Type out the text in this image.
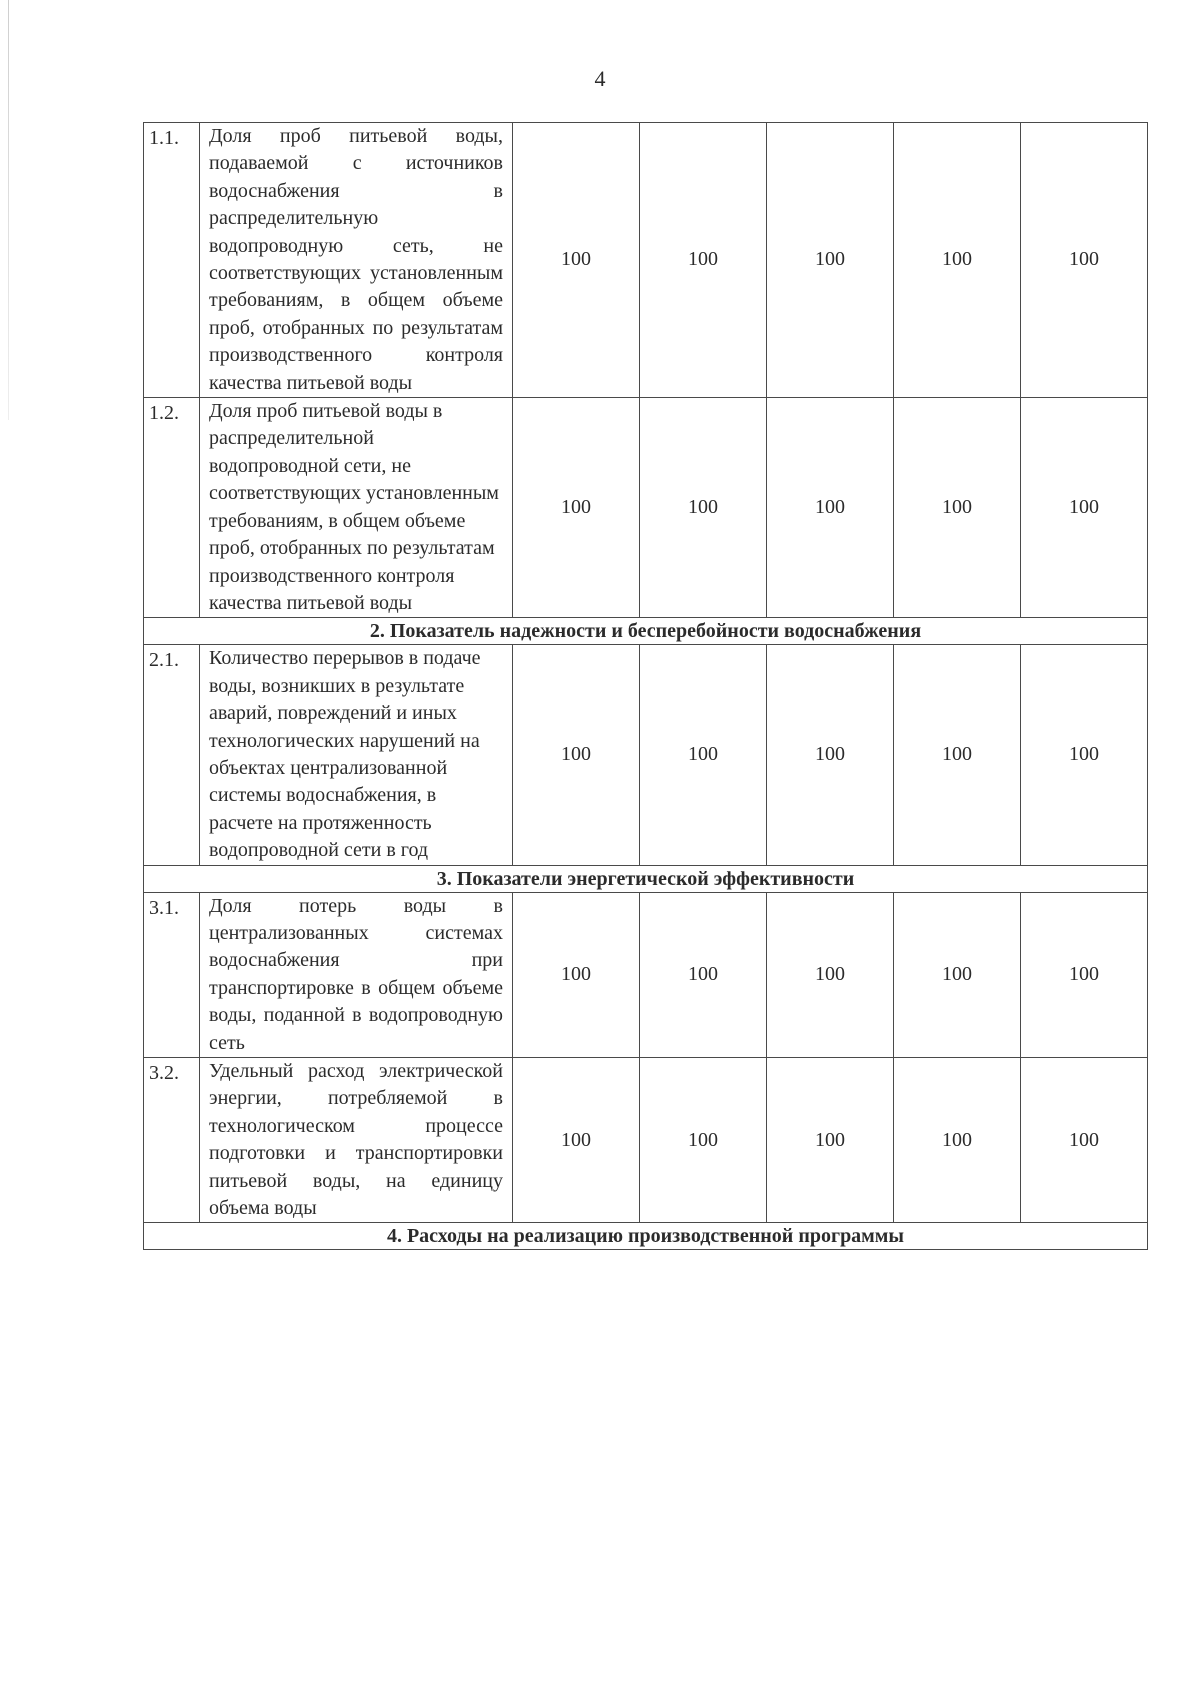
4
1.1.	Доля проб питьевой воды, подаваемой с источников водоснабжения в распределительную водопроводную сеть, не соответствующих установленным требованиям, в общем объеме проб, отобранных по результатам производственного контроля качества питьевой воды	100	100	100	100	100
1.2.	Доля проб питьевой воды в распределительной водопроводной сети, не соответствующих установленным требованиям, в общем объеме проб, отобранных по результатам производственного контроля качества питьевой воды	100	100	100	100	100
2. Показатель надежности и бесперебойности водоснабжения						
2.1.	Количество перерывов в подаче воды, возникших в результате аварий, повреждений и иных технологических нарушений на объектах централизованной системы водоснабжения, в расчете на протяженность водопроводной сети в год	100	100	100	100	100
3. Показатели энергетической эффективности						
3.1.	Доля потерь воды в централизованных системах водоснабжения при транспортировке в общем объеме воды, поданной в водопроводную сеть	100	100	100	100	100
3.2.	Удельный расход электрической энергии, потребляемой в технологическом процессе подготовки и транспортировки питьевой воды, на единицу объема воды	100	100	100	100	100
4. Расходы на реализацию производственной программы						
